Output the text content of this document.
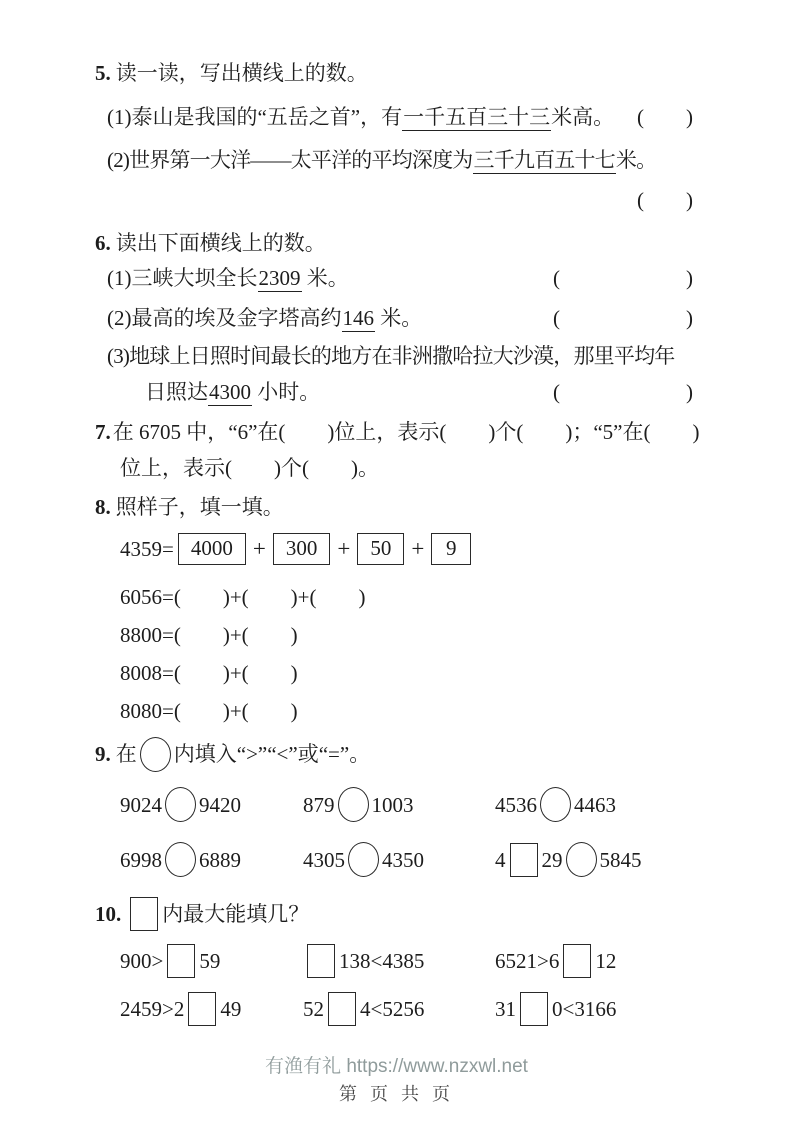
5. 读一读，写出横线上的数。
(1)泰山是我国的“五岳之首”，有一千五百三十三米高。 (　　)
(2)世界第一大洋——太平洋的平均深度为三千九百五十七米。
(　　)
6. 读出下面横线上的数。
(1)三峡大坝全长2309 米。	(　　　　　　)
(2)最高的埃及金字塔高约146 米。	(　　　　　　)
(3)地球上日照时间最长的地方在非洲撒哈拉大沙漠，那里平均年
日照达4300 小时。	(　　　　　　)
7.在 6705 中，“6”在(　　)位上，表示(　　)个(　　)；“5”在(　　)
位上，表示(　　)个(　　)。
8. 照样子，填一填。
4359= 4000 + 300 + 50 +	9
6056=(　　)+(　　)+(　　)
8800=(　　)+(　　)
8008=(　　)+(　　)
8080=(　　)+(　　)
9. 在 内填入“>”“<”或“=”。
9024 9420	879 1003	4536 4463
6998 6889	4305 4350	4 29 5845
10. 内最大能填几？
900> 59	138<4385	6521>6 12
2459>2 49	52 4<5256	31 0<3166
有渔有礼 https://www.nzxwl.net
第 页 共 页
